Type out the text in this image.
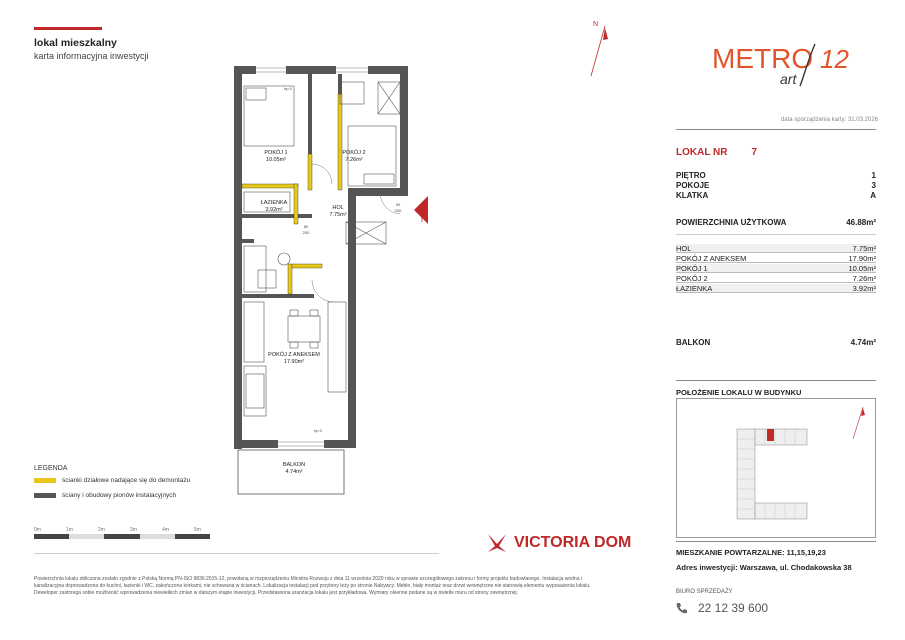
lokal mieszkalny
karta informacyjna inwestycji
N
METRO 12
art
data sporządzenia karty: 31.03.2026
LOKAL NR 7
PIĘTRO	1
POKOJE	3
KLATKA	A
POWIERZCHNIA UŻYTKOWA	46.88m²
HOL	7.75m²
POKÓJ Z ANEKSEM	17.90m²
POKÓJ 1	10.05m²
POKÓJ 2	7.26m²
ŁAZIENKA	3.92m²
BALKON	4.74m²
POŁOŻENIE LOKALU W BUDYNKU
POKÓJ 1
10.05m²
POKÓJ 2
7.26m²
ŁAZIENKA
3.92m²	HOL
7.75m²
POKÓJ Z ANEKSEM
17.90m²
BALKON
4.74m²
hp 0
hp 0
90
200
80
200
wejście
LEGENDA
ścianki działowe nadające się do demontażu
ściany i obudowy pionów instalacyjnych
0m	1m	2m	3m	4m	5m
VICTORIA DOM
Powierzchnia lokalu obliczona zostało zgodnie z Polską Normą PN-ISO 9836:2015-12, powołaną w rozporządzeniu Ministra Rozwoju z dnia 11 września 2020 roku w sprawie szczegółowego zakresu i formy projektu budowlanego. Instalacja wodna i kanalizacyjna doprowadzona do kuchni, łazienki i WC, zakończona korkami, nie schowana w ścianach. Lokalizacja instalacji pod przybory leży po stronie Nabywcy. Meble, biały montaż oraz drzwi wewnętrzne nie stanowią elementu wyposażenia lokalu. Deweloper zastrzega sobie możliwość wprowadzenia niewielkich zmian w dalszym etapie inwestycji. Przedstawiona aranżacja lokalu jest przykładowa. Wymiary okienne podane są w świetle muru od strony zewnętrznej.
MIESZKANIE POWTARZALNE: 11,15,19,23
Adres inwestycji: Warszawa, ul. Chodakowska 38
BIURO SPRZEDAŻY
22 12 39 600
